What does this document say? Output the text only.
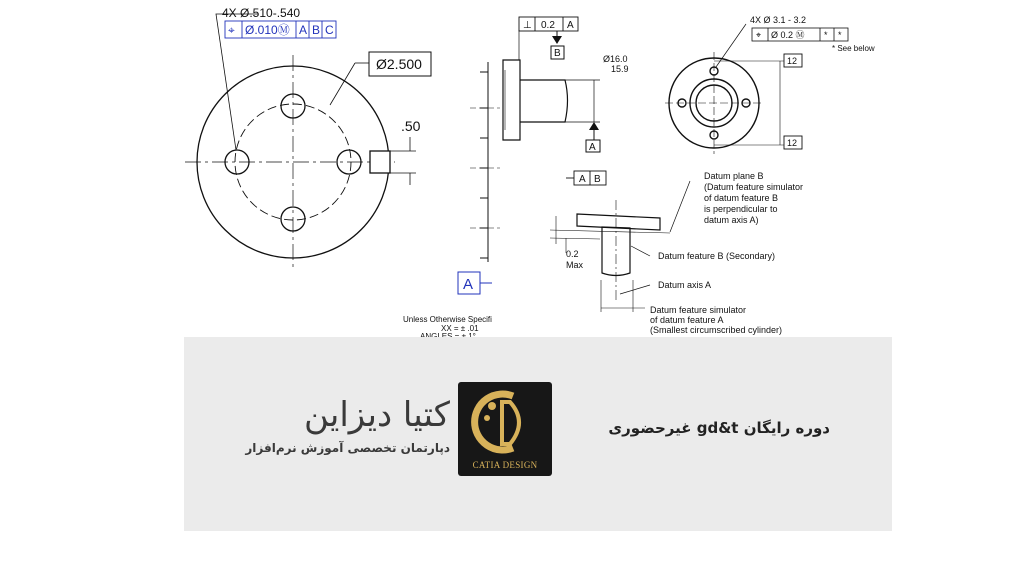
4X Ø.510-.540
⌖ Ø.010Ⓜ A B C
Ø2.500
.50
A
Unless Otherwise Specifi
XX = ± .01
A
⊥ 0.2 A
B	Ø16.0
15.9
4X Ø 3.1 - 3.2
⌖ Ø 0.2 Ⓜ * *
* See below
12
12
A B	Datum plane B
(Datum feature simulator
of datum feature B
is perpendicular to
datum axis A)
0.2
Max
Datum feature B (Secondary)
Datum axis A
Datum feature simulator
of datum feature A
(Smallest circumscribed cylinder)
کتیا دیزاین
دپارتمان تخصصی آموزش نرم‌افزار
CATIA DESIGN
دوره رایگان gd&t غیرحضوری
